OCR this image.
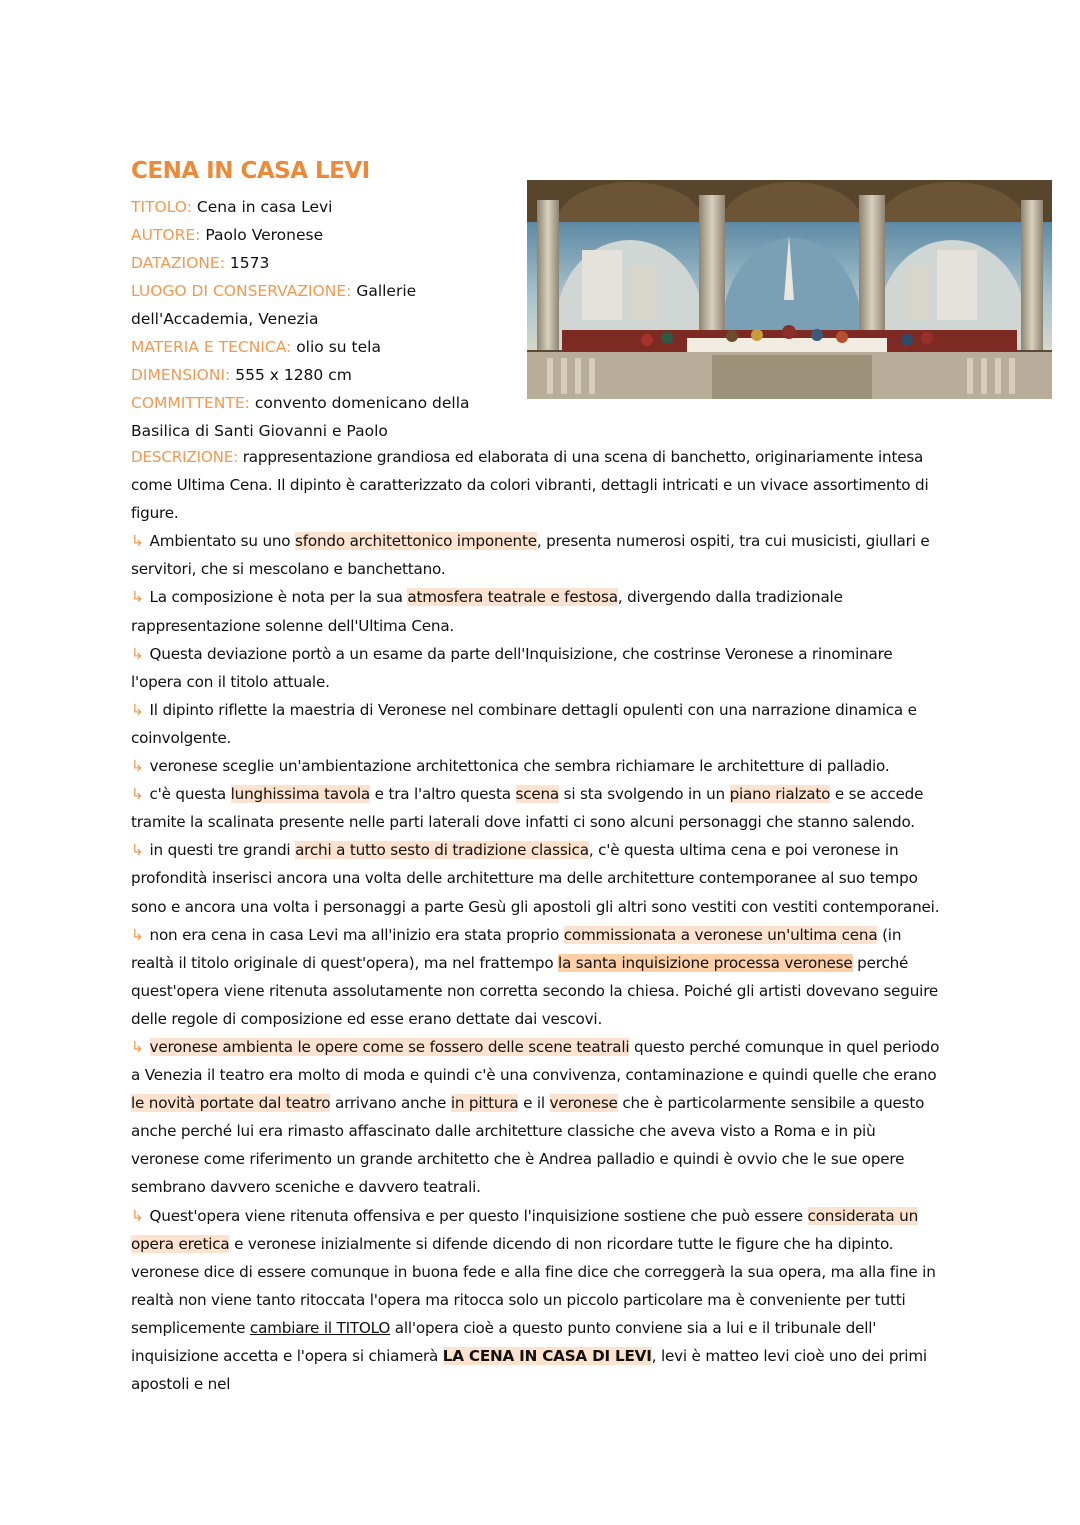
CENA IN CASA LEVI
TITOLO: Cena in casa Levi
AUTORE: Paolo Veronese
DATAZIONE: 1573
LUOGO DI CONSERVAZIONE: Gallerie dell'Accademia, Venezia
MATERIA E TECNICA: olio su tela
DIMENSIONI: 555 x 1280 cm
COMMITTENTE: convento domenicano della Basilica di Santi Giovanni e Paolo

DESCRIZIONE: rappresentazione grandiosa ed elaborata di una scena di banchetto, originariamente intesa come Ultima Cena. Il dipinto è caratterizzato da colori vibranti, dettagli intricati e un vivace assortimento di figure.

↳ Ambientato su uno sfondo architettonico imponente, presenta numerosi ospiti, tra cui musicisti, giullari e servitori, che si mescolano e banchettano.

↳ La composizione è nota per la sua atmosfera teatrale e festosa, divergendo dalla tradizionale rappresentazione solenne dell'Ultima Cena.

↳ Questa deviazione portò a un esame da parte dell'Inquisizione, che costrinse Veronese a rinominare l'opera con il titolo attuale.

↳ Il dipinto riflette la maestria di Veronese nel combinare dettagli opulenti con una narrazione dinamica e coinvolgente.

↳ veronese sceglie un'ambientazione architettonica che sembra richiamare le architetture di palladio.

↳ c'è questa lunghissima tavola e tra l'altro questa scena si sta svolgendo in un piano rialzato e se accede tramite la scalinata presente nelle parti laterali dove infatti ci sono alcuni personaggi che stanno salendo.

↳ in questi tre grandi archi a tutto sesto di tradizione classica, c'è questa ultima cena e poi veronese in profondità inserisci ancora una volta delle architetture ma delle architetture contemporanee al suo tempo sono e ancora una volta i personaggi a parte Gesù gli apostoli gli altri sono vestiti con vestiti contemporanei.

↳ non era cena in casa Levi ma all'inizio era stata proprio commissionata a veronese un'ultima cena (in realtà il titolo originale di quest'opera), ma nel frattempo la santa inquisizione processa veronese perché quest'opera viene ritenuta assolutamente non corretta secondo la chiesa. Poiché gli artisti dovevano seguire delle regole di composizione ed esse erano dettate dai vescovi.

↳ veronese ambienta le opere come se fossero delle scene teatrali questo perché comunque in quel periodo a Venezia il teatro era molto di moda e quindi c'è una convivenza, contaminazione e quindi quelle che erano le novità portate dal teatro arrivano anche in pittura e il veronese che è particolarmente sensibile a questo anche perché lui era rimasto affascinato dalle architetture classiche che aveva visto a Roma e in più veronese come riferimento un grande architetto che è Andrea palladio e quindi è ovvio che le sue opere sembrano davvero sceniche e davvero teatrali.

↳ Quest'opera viene ritenuta offensiva e per questo l'inquisizione sostiene che può essere considerata un opera eretica e veronese inizialmente si difende dicendo di non ricordare tutte le figure che ha dipinto. veronese dice di essere comunque in buona fede e alla fine dice che correggerà la sua opera, ma alla fine in realtà non viene tanto ritoccata l'opera ma ritocca solo un piccolo particolare ma è conveniente per tutti semplicemente cambiare il TITOLO all'opera cioè a questo punto conviene sia a lui e il tribunale dell' inquisizione accetta e l'opera si chiamerà LA CENA IN CASA DI LEVI, levi è matteo levi cioè uno dei primi apostoli e nel
